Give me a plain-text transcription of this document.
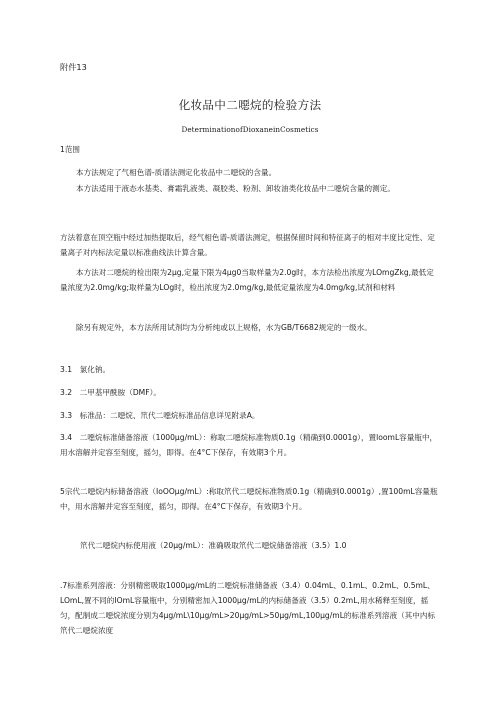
附件13
化妆品中二噁烷的检验方法
DeterminationofDioxaneinCosmetics

1范围

本方法规定了气相色谱-质谱法测定化妆品中二噁烷的含量。

本方法适用于液态水基类、膏霜乳液类、凝胶类、粉剂、卸妆油类化妆品中二噁烷含量的测定。

方法着意在顶空瓶中经过加热提取后，经气相色谱-质谱法测定，根据保留时间和特征离子的相对丰度比定性、定量离子对内标法定量以标准曲线法计算含量。

本方法对二噁烷的检出限为2μg,定量下限为4μg0当取样量为2.0g时，本方法检出浓度为LOmgZkg,最低定量浓度为2.0mg/kg;取样量为LOg时，检出浓度为2.0mg/kg,最低定量浓度为4.0mg/kg,试剂和材料

除另有规定外，本方法所用试剂均为分析纯或以上规格，水为GB/T6682规定的一级水。

3.1　氯化钠。

3.2　二甲基甲酰胺（DMF）。

3.3　标准品：二噁烷、笊代二噁烷标准品信息详见附录A。

3.4　二噁烷标准储备溶液（1000μg/mL）：称取二噁烷标准物质0.1g（精确到0.0001g），置loomL容量瓶中，用水溶解并定容至刻度，摇匀，即得。在4°C下保存，有效期3个月。

5宗代二噁烷内标储备溶液（IoOOμg/mL）:称取笊代二噁烷标准物质0.1g（精确到0.0001g）,置100mL容量瓶中，用水溶解并定容至刻度，摇匀，即得。在4°C下保存，有效期3个月。

笊代二噁烷内标使用液（20μg/mL）：准确吸取笊代二噁烷储备溶液（3.5）1.0

.7标准系列溶液：分别精密吸取1000μg/mL的二噁烷标准储备液（3.4）0.04mL、0.1mL、0.2mL、0.5mL、LOmL,置不同的IOmL容量瓶中，分别精密加入1000μg/mL的内标储备液（3.5）0.2mL,用水稀释至刻度，摇匀，配制成二噁烷浓度分别为4μg/mL\10μg/mL>20μg/mL>50μg/mL,100μg/mL的标准系列溶液（其中内标笊代二噁烷浓度
